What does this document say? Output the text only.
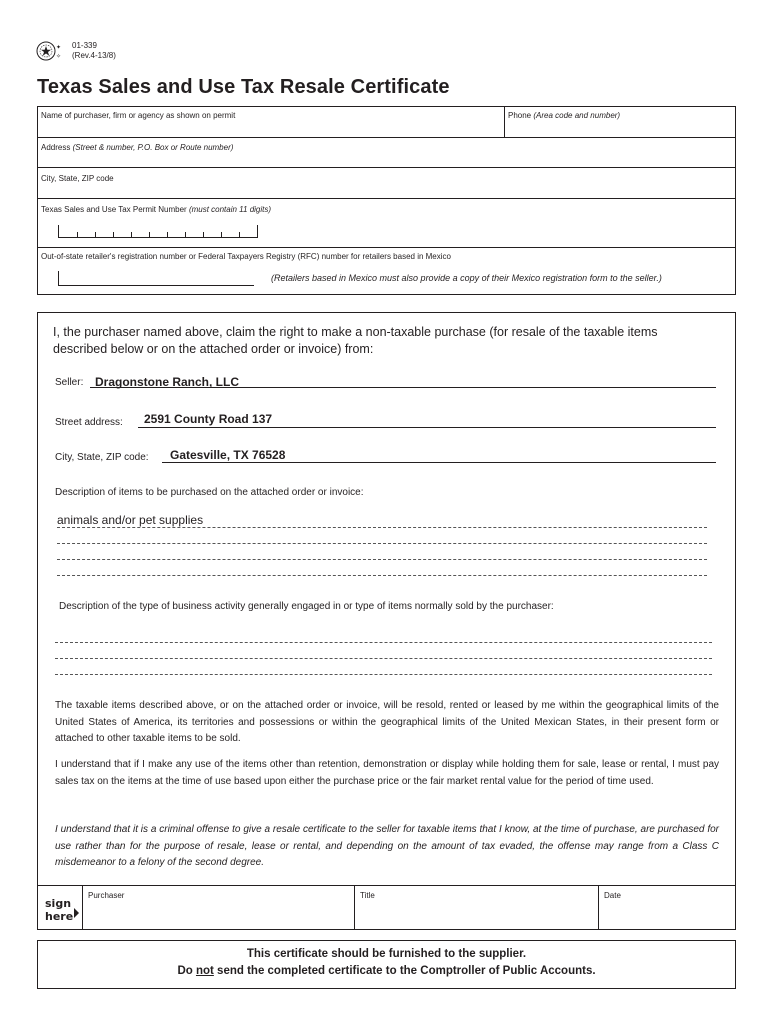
✦
✧
01-339
(Rev.4-13/8)
Texas Sales and Use Tax Resale Certificate
Name of purchaser, firm or agency as shown on permit	Phone (Area code and number)
Address (Street & number, P.O. Box or Route number)
City, State, ZIP code
Texas Sales and Use Tax Permit Number (must contain 11 digits)
Out-of-state retailer's registration number or Federal Taxpayers Registry (RFC) number for retailers based in Mexico
(Retailers based in Mexico must also provide a copy of their Mexico registration form to the seller.)
I, the purchaser named above, claim the right to make a non-taxable purchase (for resale of the taxable items described below or on the attached order or invoice) from:
Seller: Dragonstone Ranch, LLC
Street address: 2591 County Road 137
City, State, ZIP code: Gatesville, TX 76528
Description of items to be purchased on the attached order or invoice:
animals and/or pet supplies
Description of the type of business activity generally engaged in or type of items normally sold by the purchaser:
The taxable items described above, or on the attached order or invoice, will be resold, rented or leased by me within the geographical limits of the United States of America, its territories and possessions or within the geographical limits of the United Mexican States, in their present form or attached to other taxable items to be sold.
I understand that if I make any use of the items other than retention, demonstration or display while holding them for sale, lease or rental, I must pay sales tax on the items at the time of use based upon either the purchase price or the fair market rental value for the period of time used.
I understand that it is a criminal offense to give a resale certificate to the seller for taxable items that I know, at the time of purchase, are purchased for use rather than for the purpose of resale, lease or rental, and depending on the amount of tax evaded, the offense may range from a Class C misdemeanor to a felony of the second degree.
sign
here
Purchaser	Title	Date
This certificate should be furnished to the supplier.
Do not send the completed certificate to the Comptroller of Public Accounts.
